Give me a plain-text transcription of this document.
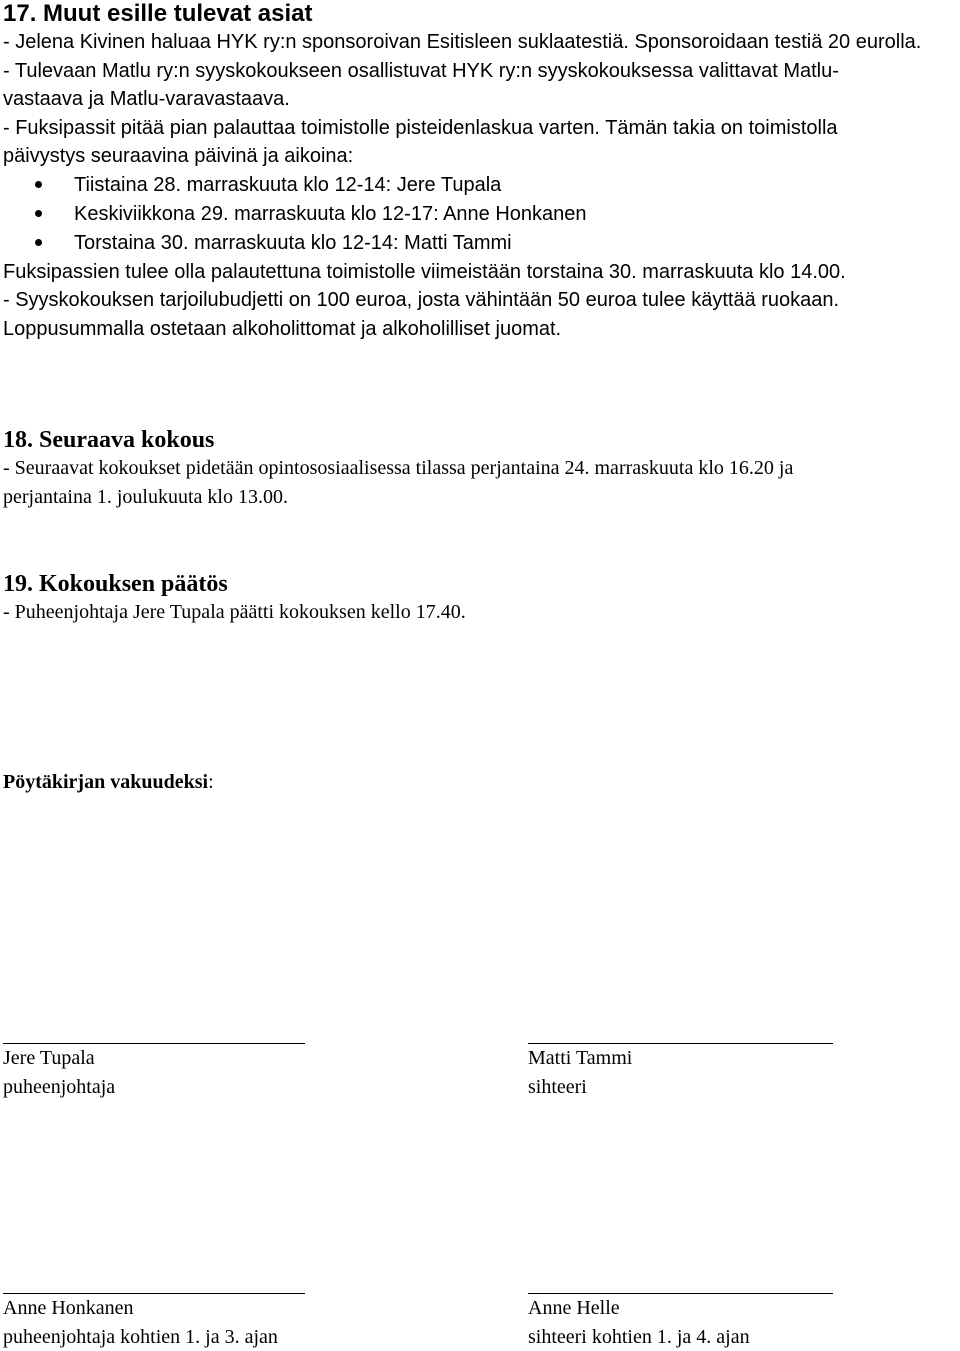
17. Muut esille tulevat asiat

- Jelena Kivinen haluaa HYK ry:n sponsoroivan Esitisleen suklaatestiä. Sponsoroidaan testiä 20 eurolla.

- Tulevaan Matlu ry:n syyskokoukseen osallistuvat HYK ry:n syyskokouksessa valittavat Matlu-

vastaava ja Matlu-varavastaava.

- Fuksipassit pitää pian palauttaa toimistolle pisteidenlaskua varten. Tämän takia on toimistolla

päivystys seuraavina päivinä ja aikoina:

Tiistaina 28. marraskuuta klo 12-14: Jere Tupala
Keskiviikkona 29. marraskuuta klo 12-17: Anne Honkanen
Torstaina 30. marraskuuta klo 12-14: Matti Tammi

Fuksipassien tulee olla palautettuna toimistolle viimeistään torstaina 30. marraskuuta klo 14.00.

- Syyskokouksen tarjoilubudjetti on 100 euroa, josta vähintään 50 euroa tulee käyttää ruokaan.

Loppusummalla ostetaan alkoholittomat ja alkoholilliset juomat.

18. Seuraava kokous

- Seuraavat kokoukset pidetään opintososiaalisessa tilassa perjantaina 24. marraskuuta klo 16.20 ja

perjantaina 1. joulukuuta klo 13.00.

19. Kokouksen päätös

- Puheenjohtaja Jere Tupala päätti kokouksen kello 17.40.

Pöytäkirjan vakuudeksi:
Jere Tupala
puheenjohtaja
Matti Tammi
sihteeri
Anne Honkanen
puheenjohtaja kohtien 1. ja 3. ajan
Anne Helle
sihteeri kohtien 1. ja 4. ajan
